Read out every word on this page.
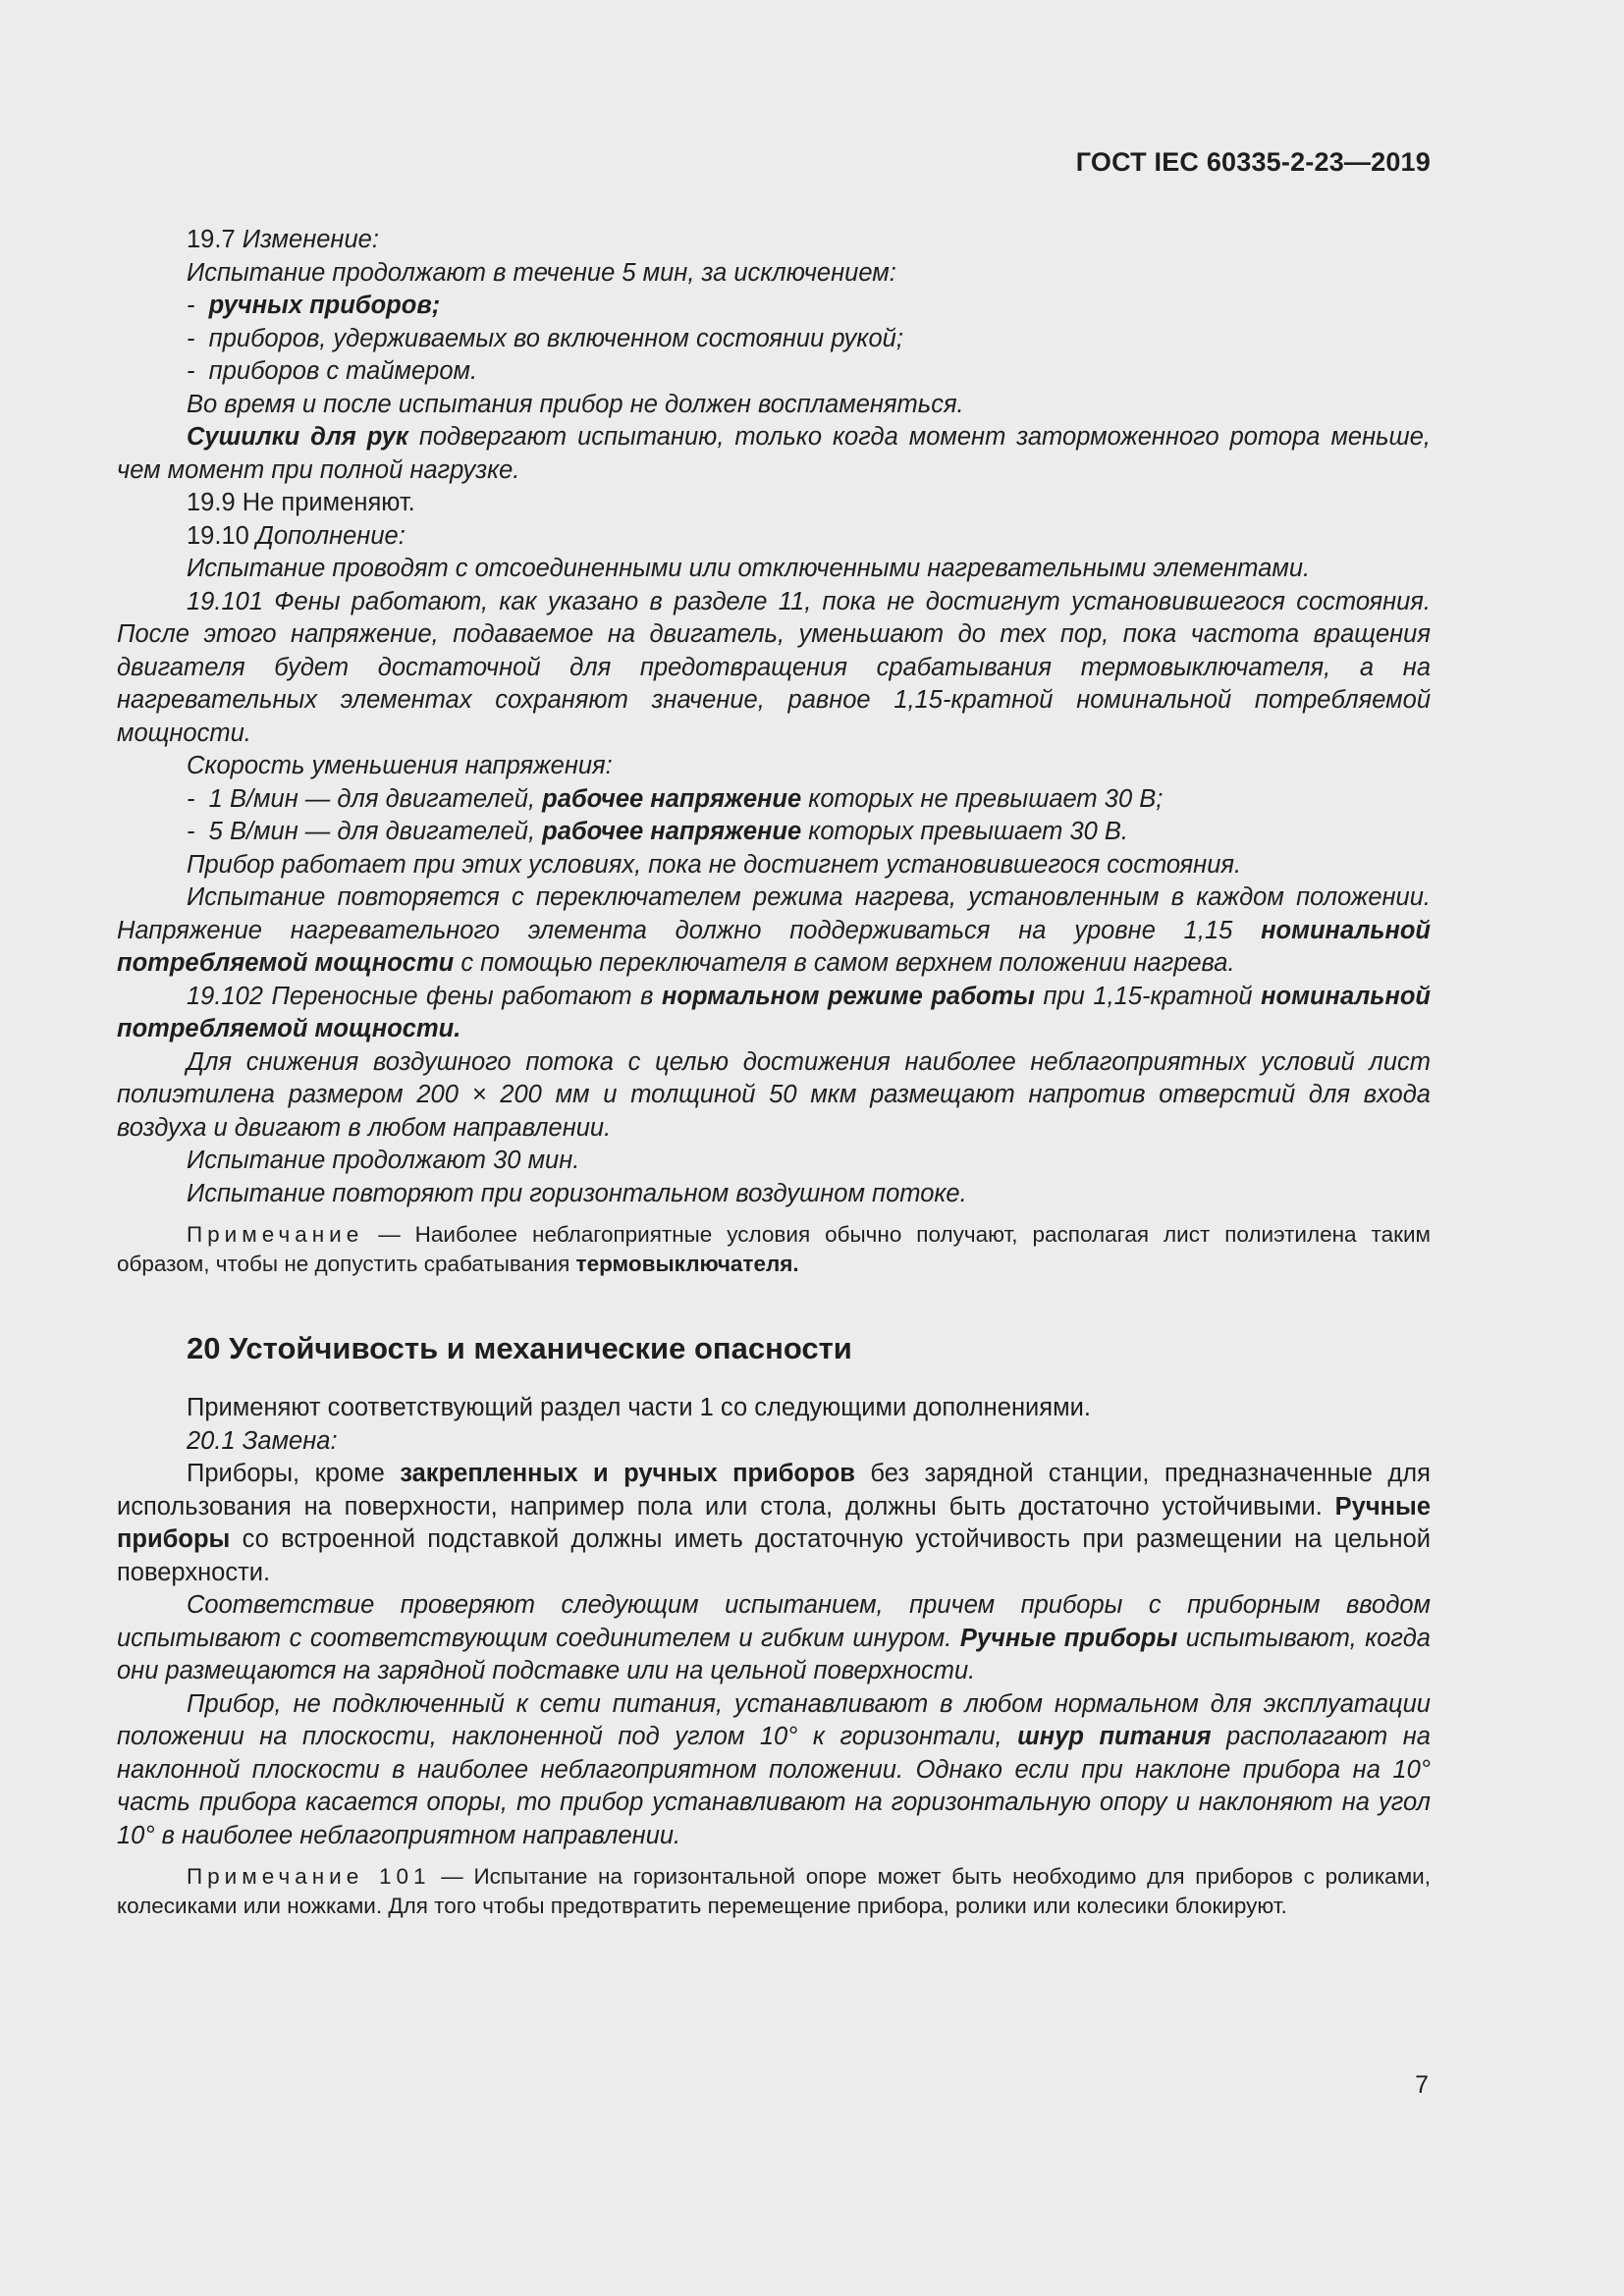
ГОСТ IEC 60335-2-23—2019

19.7 Изменение:

Испытание продолжают в течение 5 мин, за исключением:

-  ручных приборов;

-  приборов, удерживаемых во включенном состоянии рукой;

-  приборов с таймером.

Во время и после испытания прибор не должен воспламеняться.

Сушилки для рук подвергают испытанию, только когда момент заторможенного ротора меньше, чем момент при полной нагрузке.

19.9 Не применяют.

19.10 Дополнение:

Испытание проводят с отсоединенными или отключенными нагревательными элементами.

19.101 Фены работают, как указано в разделе 11, пока не достигнут установившегося состояния. После этого напряжение, подаваемое на двигатель, уменьшают до тех пор, пока частота вращения двигателя будет достаточной для предотвращения срабатывания термовыключателя, а на нагревательных элементах сохраняют значение, равное 1,15-кратной номинальной потребляемой мощности.

Скорость уменьшения напряжения:

-  1 В/мин — для двигателей, рабочее напряжение которых не превышает 30 В;

-  5 В/мин — для двигателей, рабочее напряжение которых превышает 30 В.

Прибор работает при этих условиях, пока не достигнет установившегося состояния.

Испытание повторяется с переключателем режима нагрева, установленным в каждом положении. Напряжение нагревательного элемента должно поддерживаться на уровне 1,15 номинальной потребляемой мощности с помощью переключателя в самом верхнем положении нагрева.

19.102 Переносные фены работают в нормальном режиме работы при 1,15-кратной номинальной потребляемой мощности.

Для снижения воздушного потока с целью достижения наиболее неблагоприятных условий лист полиэтилена размером 200 × 200 мм и толщиной 50 мкм размещают напротив отверстий для входа воздуха и двигают в любом направлении.

Испытание продолжают 30 мин.

Испытание повторяют при горизонтальном воздушном потоке.

Примечание — Наиболее неблагоприятные условия обычно получают, располагая лист полиэтилена таким образом, чтобы не допустить срабатывания термовыключателя.

20 Устойчивость и механические опасности

Применяют соответствующий раздел части 1 со следующими дополнениями.

20.1 Замена:

Приборы, кроме закрепленных и ручных приборов без зарядной станции, предназначенные для использования на поверхности, например пола или стола, должны быть достаточно устойчивыми. Ручные приборы со встроенной подставкой должны иметь достаточную устойчивость при размещении на цельной поверхности.

Соответствие проверяют следующим испытанием, причем приборы с приборным вводом испытывают с соответствующим соединителем и гибким шнуром. Ручные приборы испытывают, когда они размещаются на зарядной подставке или на цельной поверхности.

Прибор, не подключенный к сети питания, устанавливают в любом нормальном для эксплуатации положении на плоскости, наклоненной под углом 10° к горизонтали, шнур питания располагают на наклонной плоскости в наиболее неблагоприятном положении. Однако если при наклоне прибора на 10° часть прибора касается опоры, то прибор устанавливают на горизонтальную опору и наклоняют на угол 10° в наиболее неблагоприятном направлении.

Примечание 101 — Испытание на горизонтальной опоре может быть необходимо для приборов с роликами, колесиками или ножками. Для того чтобы предотвратить перемещение прибора, ролики или колесики блокируют.

7
